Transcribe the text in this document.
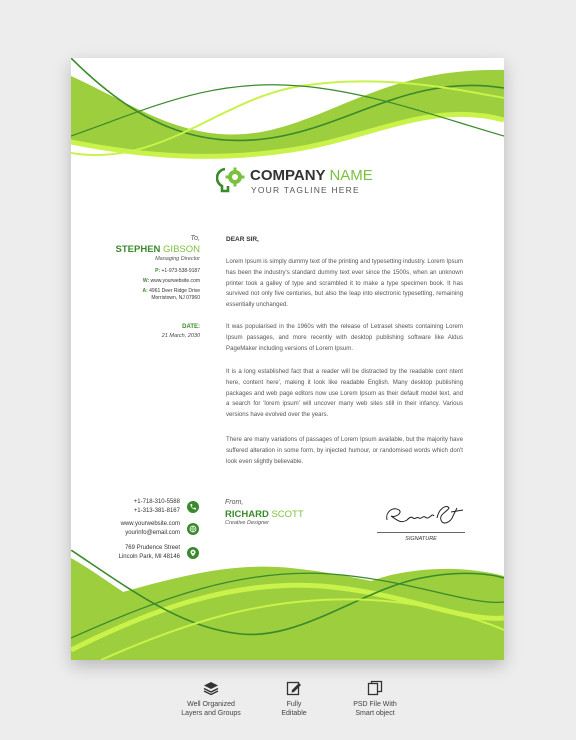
COMPANY NAME
YOUR TAGLINE HERE
To,
STEPHEN GIBSON
Managing Director
P: +1-973-538-9187
W: www.yourwebsite.com
A: 4961 Deer Ridge Drive
Morristown, NJ 07960
DATE:
21 March, 2030
DEAR SIR,

Lorem Ipsum is simply dummy text of the printing and typesetting industry. Lorem Ipsum has been the industry's standard dummy text ever since the 1500s, when an unknown printer took a galley of type and scrambled it to make a type specimen book. It has survived not only five centuries, but also the leap into electronic typesetting, remaining essentially unchanged.

It was popularised in the 1960s with the release of Letraset sheets containing Lorem Ipsum passages, and more recently with desktop publishing software like Aldus PageMaker including versions of Lorem Ipsum.

It is a long established fact that a reader will be distracted by the readable cont ntent here, content here', making it look like readable English. Many desktop publishing packages and web page editors now use Lorem Ipsum as their default model text, and a search for 'lorem ipsum' will uncover many web sites still in their infancy. Various versions have evolved over the years.

There are many variations of passages of Lorem Ipsum available, but the majority have suffered alteration in some form, by injected humour, or randomised words which don't look even slightly believable.

+1-718-310-5588
+1-313-381-8167
www.yourwebsite.com
yourinfo@email.com
769 Prudence Street
Lincoln Park, MI 48146
From,
RICHARD SCOTT
Creative Designer
SIGNATURE
Well Organized
Layers and Groups
Fully
Editable
PSD File With
Smart object
